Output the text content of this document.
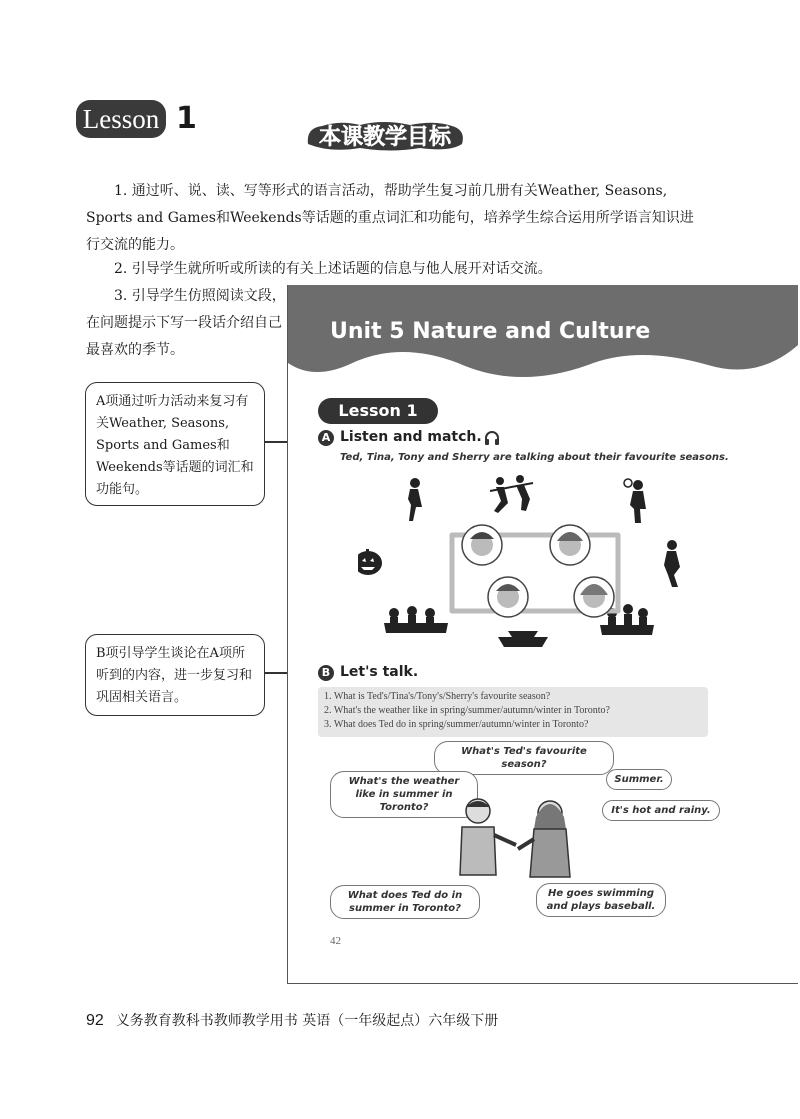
Lesson 1
本课教学目标
1. 通过听、说、读、写等形式的语言活动，帮助学生复习前几册有关Weather, Seasons, Sports and Games和Weekends等话题的重点词汇和功能句，培养学生综合运用所学语言知识进行交流的能力。
2. 引导学生就所听或所读的有关上述话题的信息与他人展开对话交流。
3. 引导学生仿照阅读文段，在问题提示下写一段话介绍自己最喜欢的季节。
A项通过听力活动来复习有关Weather, Seasons, Sports and Games和Weekends等话题的词汇和功能句。
B项引导学生谈论在A项所听到的内容，进一步复习和巩固相关语言。
Unit 5 Nature and Culture
Lesson 1
A Listen and match.
Ted, Tina, Tony and Sherry are talking about their favourite seasons.
B Let's talk.
1. What is Ted's/Tina's/Tony's/Sherry's favourite season?
2. What's the weather like in spring/summer/autumn/winter in Toronto?
3. What does Ted do in spring/summer/autumn/winter in Toronto?
What's Ted's favourite season?
What's the weather like in summer in Toronto?
Summer.
It's hot and rainy.
What does Ted do in summer in Toronto?
He goes swimming and plays baseball.
42
92 义务教育教科书教师教学用书 英语（一年级起点）六年级下册
